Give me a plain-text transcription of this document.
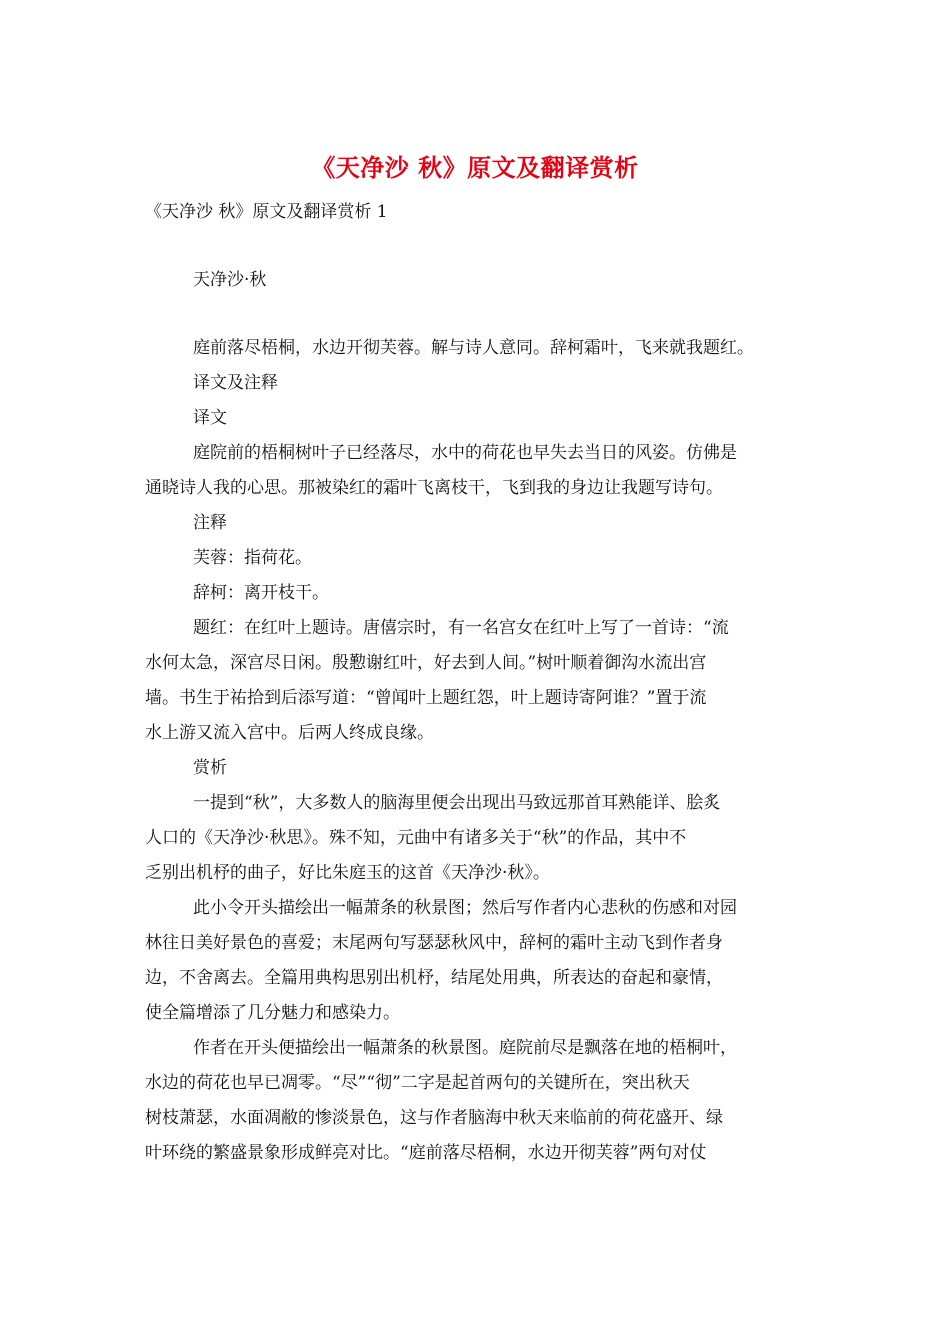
《天净沙 秋》原文及翻译赏析
《天净沙 秋》原文及翻译赏析 1
天净沙·秋
庭前落尽梧桐，水边开彻芙蓉。解与诗人意同。辞柯霜叶，飞来就我题红。
译文及注释
译文
庭院前的梧桐树叶子已经落尽，水中的荷花也早失去当日的风姿。仿佛是
通晓诗人我的心思。那被染红的霜叶飞离枝干，飞到我的身边让我题写诗句。
注释
芙蓉：指荷花。
辞柯：离开枝干。
题红：在红叶上题诗。唐僖宗时，有一名宫女在红叶上写了一首诗：“流
水何太急，深宫尽日闲。殷懃谢红叶，好去到人间。”树叶顺着御沟水流出宫
墙。书生于祐拾到后添写道：“曾闻叶上题红怨，叶上题诗寄阿谁？”置于流
水上游又流入宫中。后两人终成良缘。
赏析
一提到“秋”，大多数人的脑海里便会出现出马致远那首耳熟能详、脍炙
人口的《天净沙·秋思》。殊不知，元曲中有诸多关于“秋”的作品，其中不
乏别出机杼的曲子，好比朱庭玉的这首《天净沙·秋》。
此小令开头描绘出一幅萧条的秋景图；然后写作者内心悲秋的伤感和对园
林往日美好景色的喜爱；末尾两句写瑟瑟秋风中，辞柯的霜叶主动飞到作者身
边，不舍离去。全篇用典构思别出机杼，结尾处用典，所表达的奋起和豪情，
使全篇增添了几分魅力和感染力。
作者在开头便描绘出一幅萧条的秋景图。庭院前尽是飘落在地的梧桐叶，
水边的荷花也早已凋零。“尽”“彻”二字是起首两句的关键所在，突出秋天
树枝萧瑟，水面凋敝的惨淡景色，这与作者脑海中秋天来临前的荷花盛开、绿
叶环绕的繁盛景象形成鲜亮对比。“庭前落尽梧桐，水边开彻芙蓉”两句对仗
